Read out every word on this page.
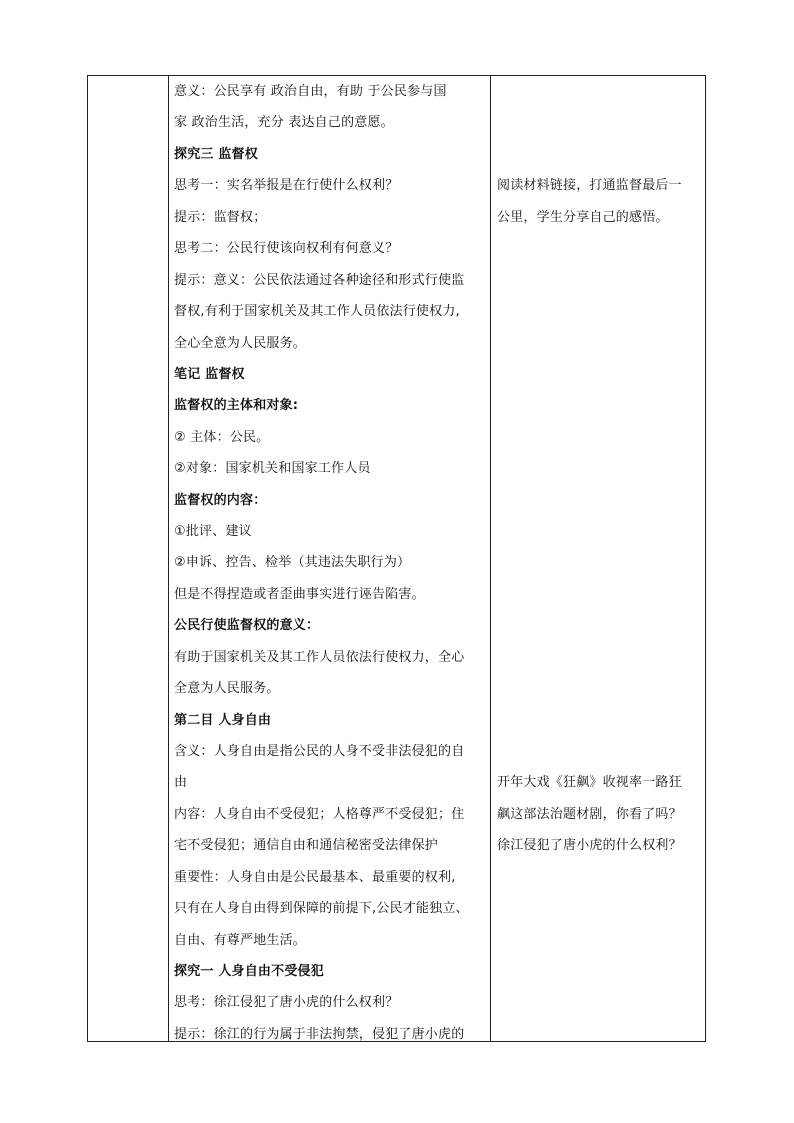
意义：公民享有 政治自由，有助 于公民参与国
家 政治生活，充分 表达自己的意愿。
探究三 监督权
思考一：实名举报是在行使什么权利？
提示：监督权；
思考二：公民行使该向权利有何意义？
提示：意义：公民依法通过各种途径和形式行使监
督权,有利于国家机关及其工作人员依法行使权力,
全心全意为人民服务。
笔记 监督权
监督权的主体和对象:
② 主体：公民。
②对象：国家机关和国家工作人员
监督权的内容：
①批评、建议
②申诉、控告、检举（其违法失职行为）
但是不得捏造或者歪曲事实进行诬告陷害。
公民行使监督权的意义：
有助于国家机关及其工作人员依法行使权力，全心
全意为人民服务。
第二目 人身自由
含义：人身自由是指公民的人身不受非法侵犯的自
由
内容：人身自由不受侵犯；人格尊严不受侵犯；住
宅不受侵犯；通信自由和通信秘密受法律保护
重要性：人身自由是公民最基本、最重要的权利,
只有在人身自由得到保障的前提下,公民才能独立、
自由、有尊严地生活。
探究一 人身自由不受侵犯
思考：徐江侵犯了唐小虎的什么权利？
提示：徐江的行为属于非法拘禁，侵犯了唐小虎的
阅读材料链接，打通监督最后一
公里，学生分享自己的感悟。
开年大戏《狂飙》收视率一路狂
飙这部法治题材剧，你看了吗？
徐江侵犯了唐小虎的什么权利？
